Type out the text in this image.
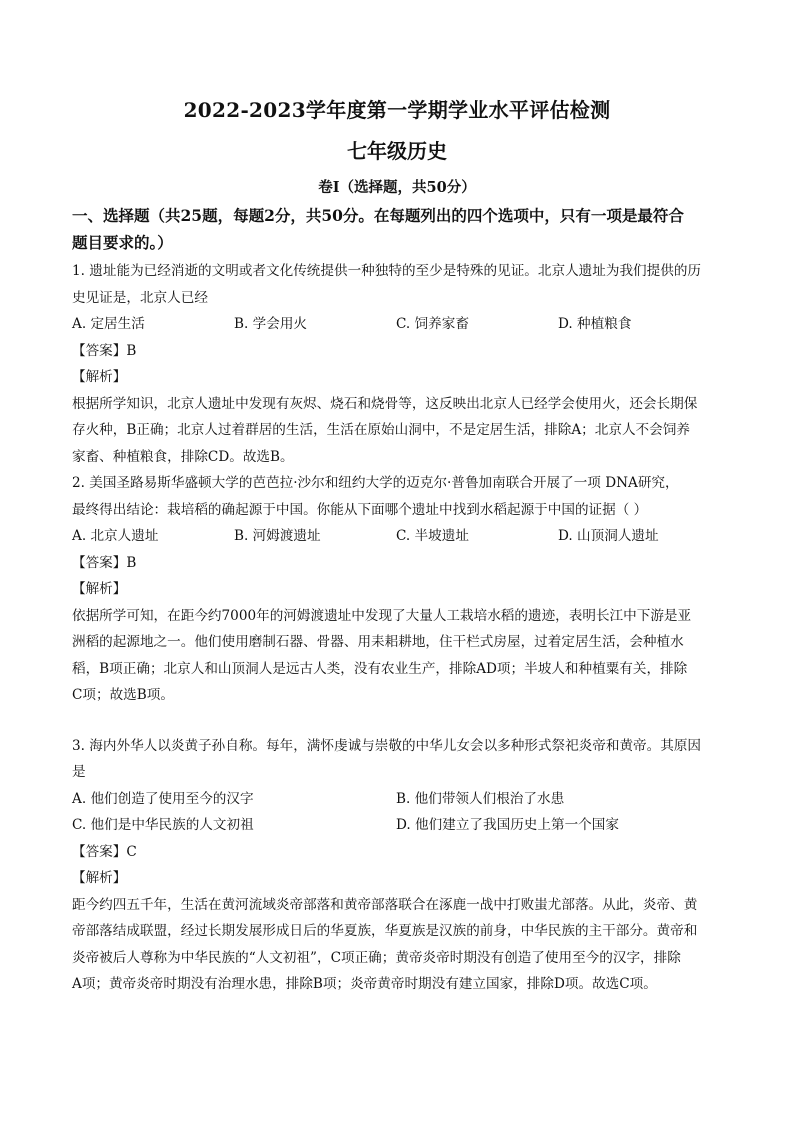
2022-2023学年度第一学期学业水平评估检测
七年级历史
卷Ⅰ（选择题，共50分）
一、选择题（共25题，每题2分，共50分。在每题列出的四个选项中，只有一项是最符合
题目要求的。）
1. 遗址能为已经消逝的文明或者文化传统提供一种独特的至少是特殊的见证。北京人遗址为我们提供的历
史见证是，北京人已经
A. 定居生活	B. 学会用火	C. 饲养家畜	D. 种植粮食
【答案】B
【解析】
根据所学知识，北京人遗址中发现有灰烬、烧石和烧骨等，这反映出北京人已经学会使用火，还会长期保
存火种，B正确；北京人过着群居的生活，生活在原始山洞中，不是定居生活，排除A；北京人不会饲养
家畜、种植粮食，排除CD。故选B。
2. 美国圣路易斯华盛顿大学的芭芭拉·沙尔和纽约大学的迈克尔·普鲁加南联合开展了一项 DNA研究，
最终得出结论：栽培稻的确起源于中国。你能从下面哪个遗址中找到水稻起源于中国的证据（ ）
A. 北京人遗址	B. 河姆渡遗址	C. 半坡遗址	D. 山顶洞人遗址
【答案】B
【解析】
依据所学可知，在距今约7000年的河姆渡遗址中发现了大量人工栽培水稻的遗迹，表明长江中下游是亚
洲稻的起源地之一。他们使用磨制石器、骨器、用耒耜耕地，住干栏式房屋，过着定居生活，会种植水
稻，B项正确；北京人和山顶洞人是远古人类，没有农业生产，排除AD项；半坡人和种植粟有关，排除
C项；故选B项。
3. 海内外华人以炎黄子孙自称。每年，满怀虔诚与崇敬的中华儿女会以多种形式祭祀炎帝和黄帝。其原因
是
A. 他们创造了使用至今的汉字	B. 他们带领人们根治了水患
C. 他们是中华民族的人文初祖	D. 他们建立了我国历史上第一个国家
【答案】C
【解析】
距今约四五千年，生活在黄河流域炎帝部落和黄帝部落联合在涿鹿一战中打败蚩尤部落。从此，炎帝、黄
帝部落结成联盟，经过长期发展形成日后的华夏族，华夏族是汉族的前身，中华民族的主干部分。黄帝和
炎帝被后人尊称为中华民族的“人文初祖”，C项正确；黄帝炎帝时期没有创造了使用至今的汉字，排除
A项；黄帝炎帝时期没有治理水患，排除B项；炎帝黄帝时期没有建立国家，排除D项。故选C项。
